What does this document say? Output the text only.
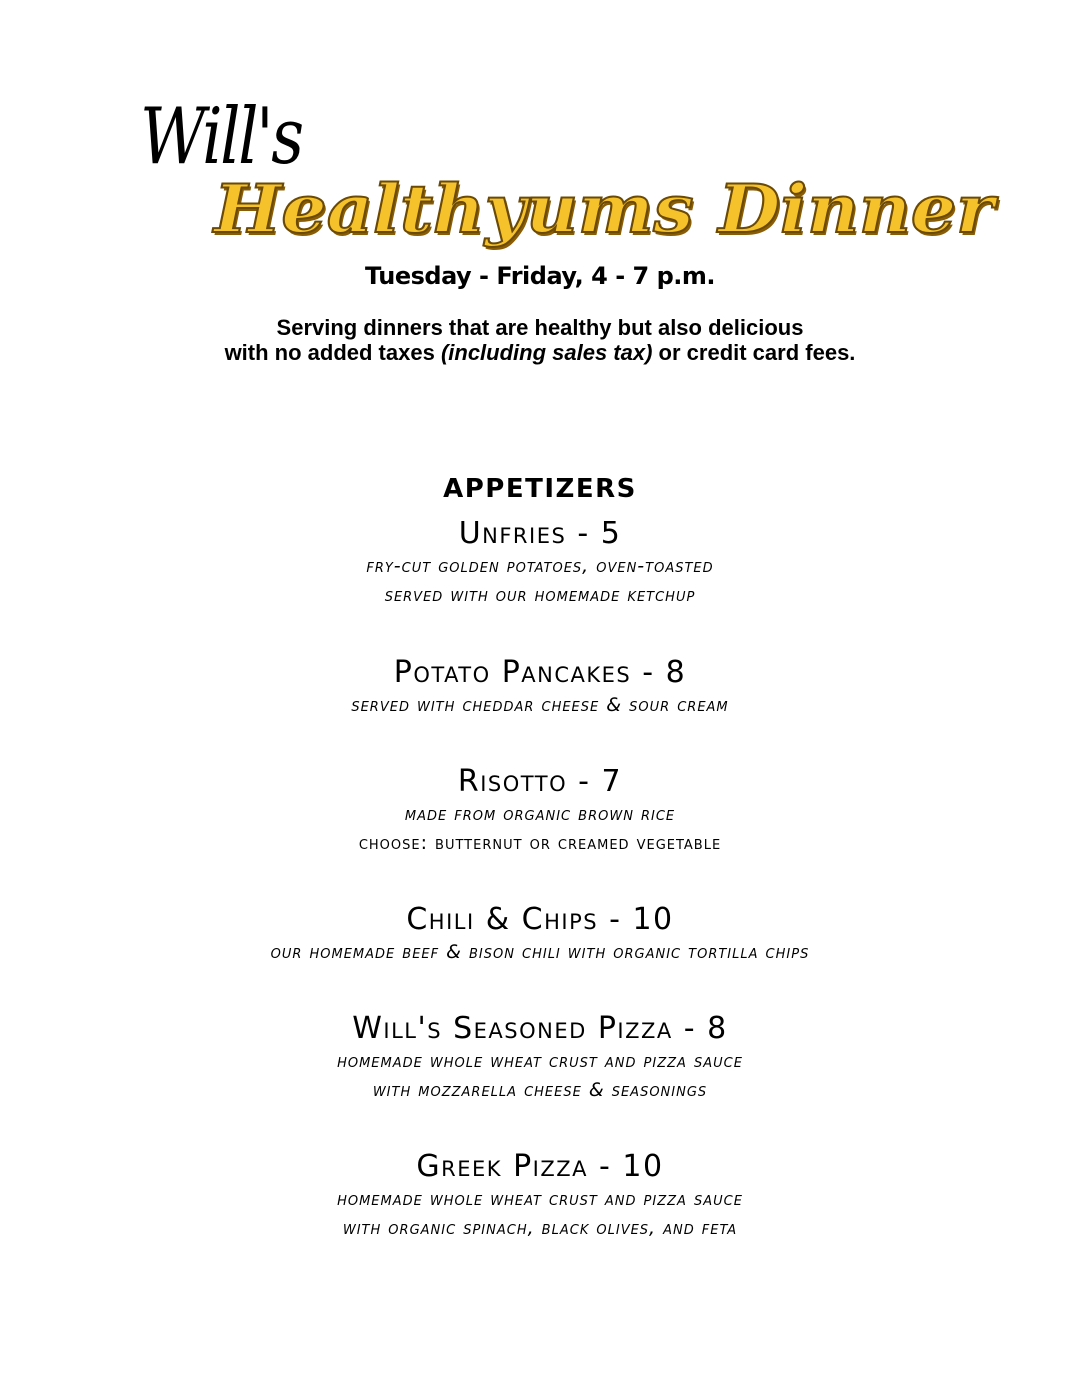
Will's
Healthyums Dinner
Tuesday - Friday, 4 - 7 p.m.
Serving dinners that are healthy but also delicious
with no added taxes (including sales tax) or credit card fees.
APPETIZERS
Unfries - 5
fry-cut golden potatoes, oven-toasted
served with our homemade ketchup
Potato Pancakes - 8
served with cheddar cheese & sour cream
Risotto - 7
made from organic brown rice
choose: butternut or creamed vegetable
Chili & Chips - 10
our homemade beef & bison chili with organic tortilla chips
Will's Seasoned Pizza - 8
homemade whole wheat crust and pizza sauce
with mozzarella cheese & seasonings
Greek Pizza - 10
homemade whole wheat crust and pizza sauce
with organic spinach, black olives, and feta
